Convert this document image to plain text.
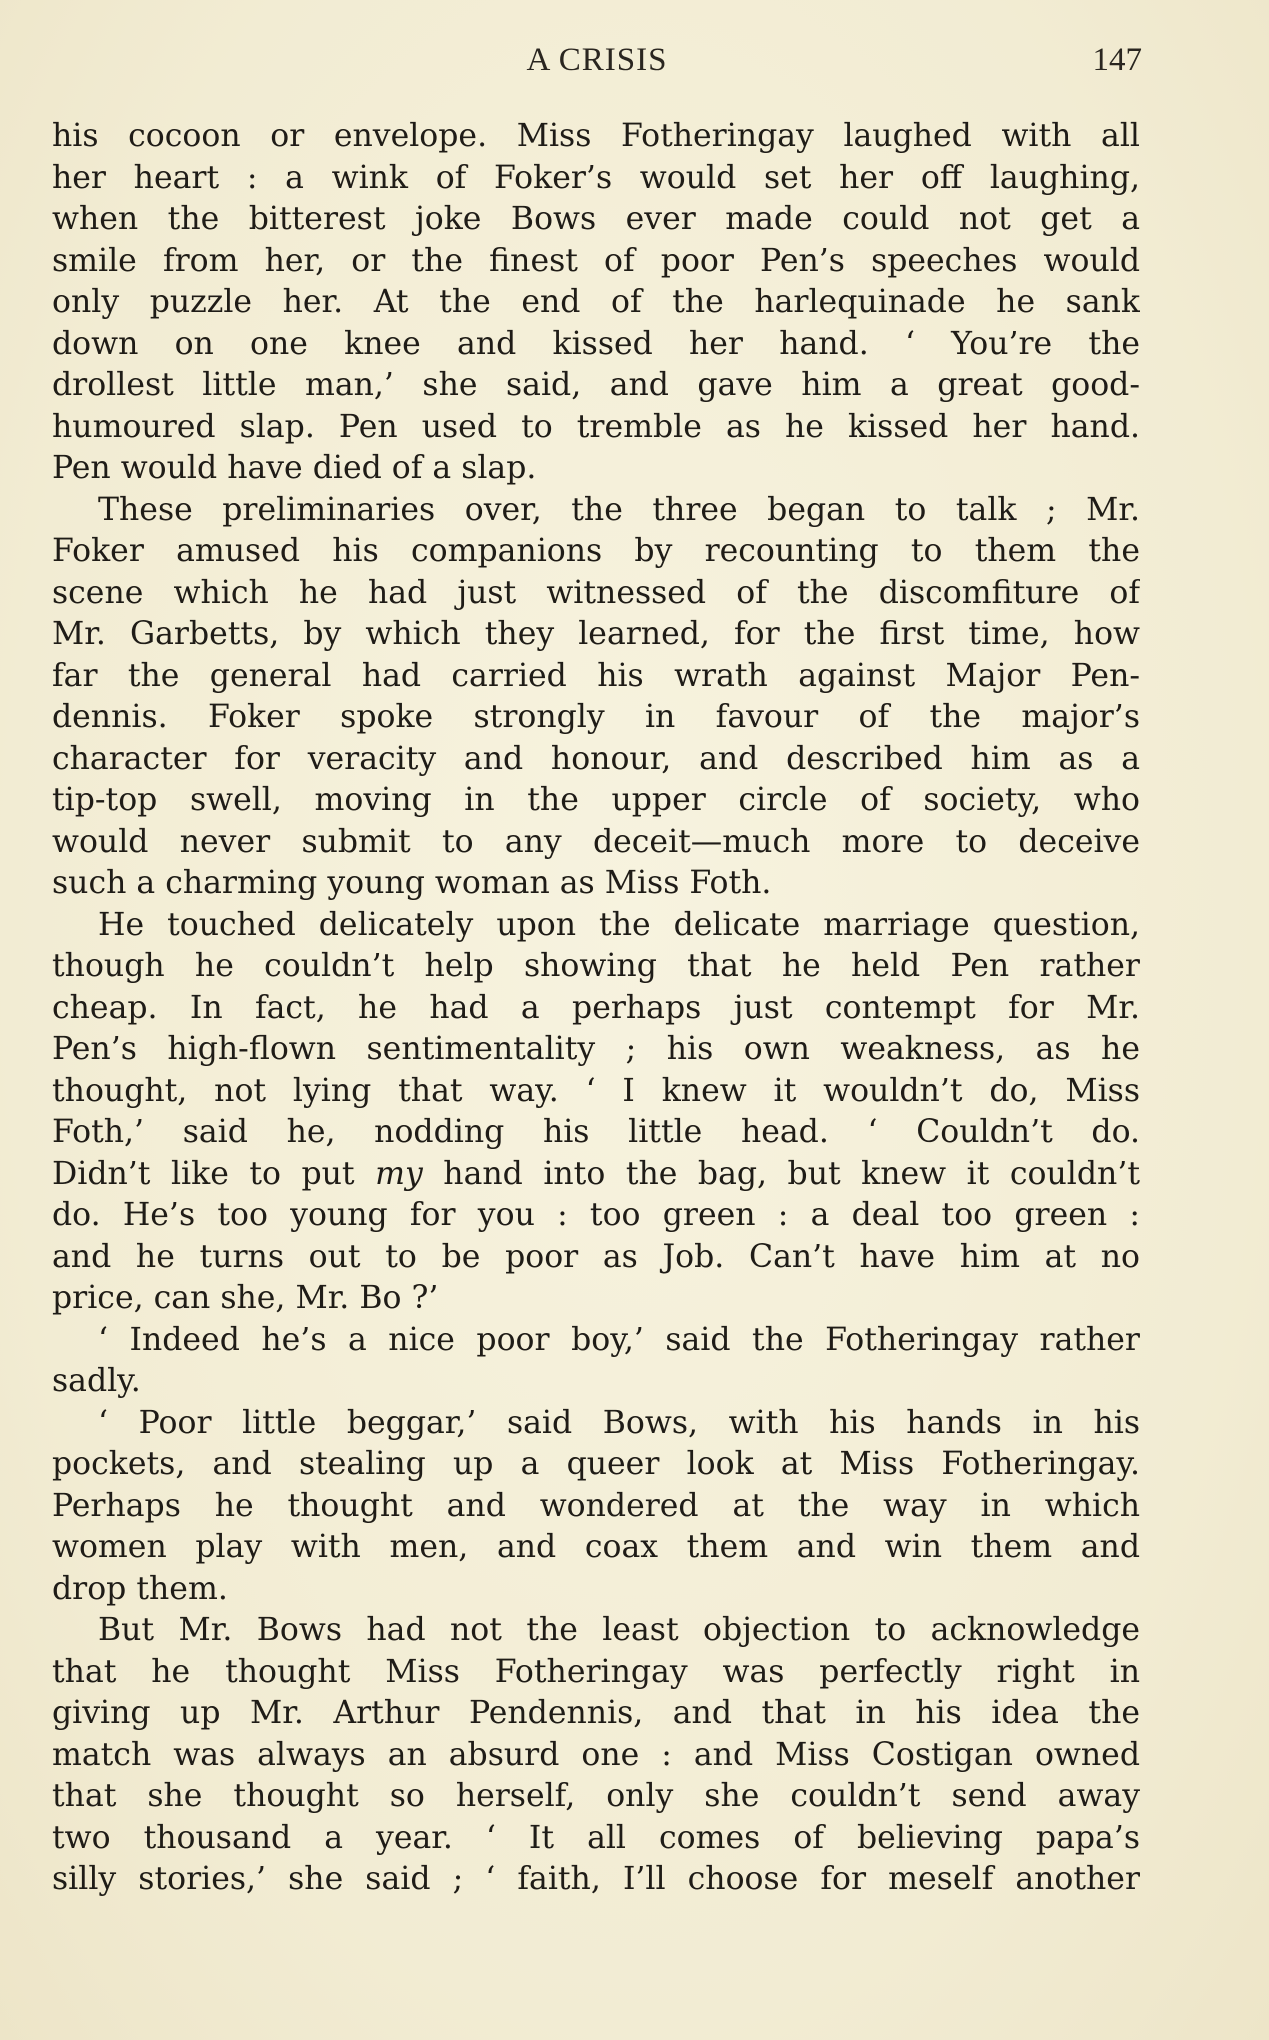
A CRISIS	147
his cocoon or envelope. Miss Fotheringay laughed with all
her heart : a wink of Foker’s would set her off laughing,
when the bitterest joke Bows ever made could not get a
smile from her, or the finest of poor Pen’s speeches would
only puzzle her. At the end of the harlequinade he sank
down on one knee and kissed her hand. ‘ You’re the
drollest little man,’ she said, and gave him a great good-
humoured slap. Pen used to tremble as he kissed her hand.
Pen would have died of a slap.
These preliminaries over, the three began to talk ; Mr.
Foker amused his companions by recounting to them the
scene which he had just witnessed of the discomfiture of
Mr. Garbetts, by which they learned, for the first time, how
far the general had carried his wrath against Major Pen-
dennis. Foker spoke strongly in favour of the major’s
character for veracity and honour, and described him as a
tip-top swell, moving in the upper circle of society, who
would never submit to any deceit—much more to deceive
such a charming young woman as Miss Foth.
He touched delicately upon the delicate marriage question,
though he couldn’t help showing that he held Pen rather
cheap. In fact, he had a perhaps just contempt for Mr.
Pen’s high-flown sentimentality ; his own weakness, as he
thought, not lying that way. ‘ I knew it wouldn’t do, Miss
Foth,’ said he, nodding his little head. ‘ Couldn’t do.
Didn’t like to put my hand into the bag, but knew it couldn’t
do. He’s too young for you : too green : a deal too green :
and he turns out to be poor as Job. Can’t have him at no
price, can she, Mr. Bo ?’
‘ Indeed he’s a nice poor boy,’ said the Fotheringay rather
sadly.
‘ Poor little beggar,’ said Bows, with his hands in his
pockets, and stealing up a queer look at Miss Fotheringay.
Perhaps he thought and wondered at the way in which
women play with men, and coax them and win them and
drop them.
But Mr. Bows had not the least objection to acknowledge
that he thought Miss Fotheringay was perfectly right in
giving up Mr. Arthur Pendennis, and that in his idea the
match was always an absurd one : and Miss Costigan owned
that she thought so herself, only she couldn’t send away
two thousand a year. ‘ It all comes of believing papa’s
silly stories,’ she said ; ‘ faith, I’ll choose for meself another
